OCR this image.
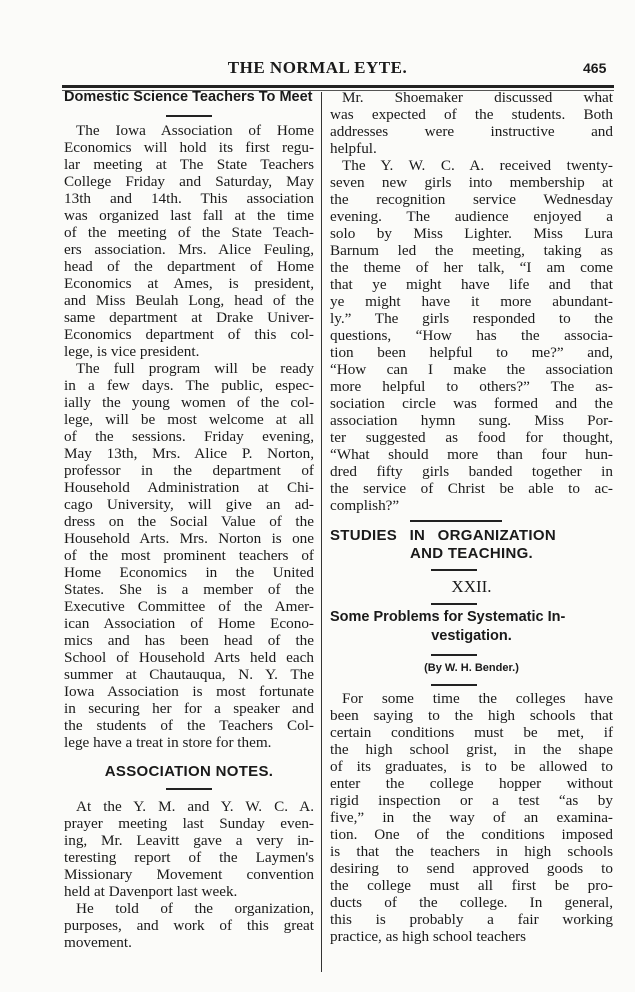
THE NORMAL EYTE.	465
Domestic Science Teachers To Meet
The Iowa Association of Home
Economics will hold its first regu-
lar meeting at The State Teachers
College Friday and Saturday, May
13th and 14th. This association
was organized last fall at the time
of the meeting of the State Teach-
ers association. Mrs. Alice Feuling,
head of the department of Home
Economics at Ames, is president,
and Miss Beulah Long, head of the
same department at Drake Univer-
Economics department of this col-
lege, is vice president.
The full program will be ready
in a few days. The public, espec-
ially the young women of the col-
lege, will be most welcome at all
of the sessions. Friday evening,
May 13th, Mrs. Alice P. Norton,
professor in the department of
Household Administration at Chi-
cago University, will give an ad-
dress on the Social Value of the
Household Arts. Mrs. Norton is one
of the most prominent teachers of
Home Economics in the United
States. She is a member of the
Executive Committee of the Amer-
ican Association of Home Econo-
mics and has been head of the
School of Household Arts held each
summer at Chautauqua, N. Y. The
Iowa Association is most fortunate
in securing her for a speaker and
the students of the Teachers Col-
lege have a treat in store for them.
ASSOCIATION NOTES.
At the Y. M. and Y. W. C. A.
prayer meeting last Sunday even-
ing, Mr. Leavitt gave a very in-
teresting report of the Laymen's
Missionary Movement convention
held at Davenport last week.
He told of the organization,
purposes, and work of this great
movement.
Mr. Shoemaker discussed what
was expected of the students. Both
addresses were instructive and
helpful.
The Y. W. C. A. received twenty-
seven new girls into membership at
the recognition service Wednesday
evening. The audience enjoyed a
solo by Miss Lighter. Miss Lura
Barnum led the meeting, taking as
the theme of her talk, “I am come
that ye might have life and that
ye might have it more abundant-
ly.” The girls responded to the
questions, “How has the associa-
tion been helpful to me?” and,
“How can I make the association
more helpful to others?” The as-
sociation circle was formed and the
association hymn sung. Miss Por-
ter suggested as food for thought,
“What should more than four hun-
dred fifty girls banded together in
the service of Christ be able to ac-
complish?”
STUDIES IN ORGANIZATION
AND TEACHING.
XXII.
Some Problems for Systematic In-
vestigation.
(By W. H. Bender.)
For some time the colleges have
been saying to the high schools that
certain conditions must be met, if
the high school grist, in the shape
of its graduates, is to be allowed to
enter the college hopper without
rigid inspection or a test “as by
five,” in the way of an examina-
tion. One of the conditions imposed
is that the teachers in high schools
desiring to send approved goods to
the college must all first be pro-
ducts of the college. In general,
this is probably a fair working
practice, as high school teachers
